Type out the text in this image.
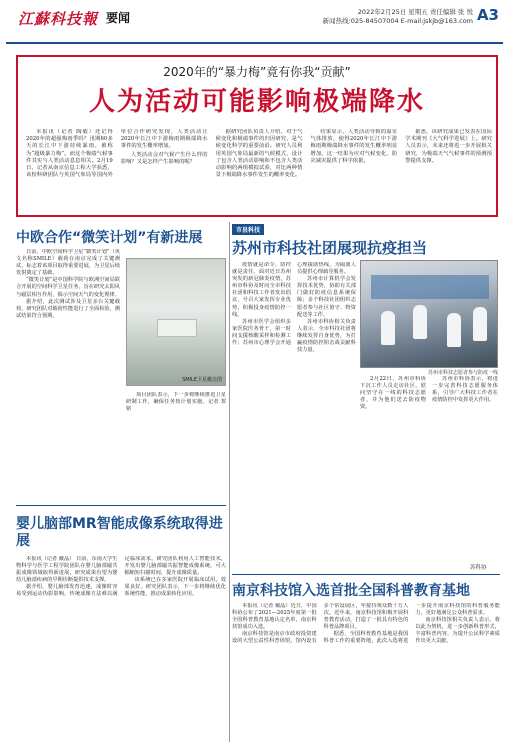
江蘇科技報 要闻	2022年2月25日 星期五 责任编辑 张 悦
新闻热线:025-84507004 E-mail:jskjb@163.com A3
2020年的“暴力梅”竟有你我“贡献”
人为活动可能影响极端降水

本报讯（记者 陶敏）还记得2020年的超强梅雨季吗？汛期60多天的长江中下游持续暴雨，被称为“超级暴力梅”。而这个极端气候事件其实与人类活动息息相关。2月19日，记者从南京信息工程大学获悉，该校科研团队与英国气象局等国内外单位合作研究发现，人类活动让2020年长江中下游梅雨期极端降水事件的发生概率增加。

人类活动会对气候产生什么样的影响？又是怎样产生影响的呢？

据研究团队负责人介绍，对于气候变化和极端事件的归因研究，是气候变化科学的重要前沿。研究人员利用英国气象局最新的气候模式，设计了包含人类活动影响和不包含人类活动影响的两组模拟试验，对比两种情景下极端降水事件发生的概率变化。

结果显示，人类活动导致的温室气体排放，使得2020年长江中下游梅雨期极端降水事件的发生概率明显增加，这一结果为应对气候变化、防灾减灾提供了科学依据。

据悉，该研究成果已发表在国际学术期刊《大气科学进展》上。研究人员表示，未来还将进一步开展相关研究，为极端天气气候事件的预测预警提供支撑。

中欧合作“微笑计划”有新进展

日前，中欧空间科学卫星“微笑计划”（英文名称SMILE）载荷在南京完成了关键测试，标志着该项目取得重要进展，为卫星后续发射奠定了基础。

“微笑计划”是中国科学院与欧洲空间局联合开展的空间科学卫星任务，旨在研究太阳风与磁层相互作用，揭示空间天气的变化规律。

据介绍，此次测试涉及卫星多台关键载荷，研究团队对载荷性能进行了全面检验，测试结果符合预期。

项目团队表示，下一步将继续推进卫星研制工作，确保任务按计划实施。记者 郑铭

SMILE卫星概念图
市县科技
苏州市科技社团展现抗疫担当

疫情就是命令，防控就是责任。面对近日苏州突发的新冠肺炎疫情，苏州市科协及时向全市科技社团和科技工作者发出倡议，号召大家发挥专业优势，积极投身疫情防控一线。

苏州市医学会组织多家医院医务骨干，第一时间支援核酸采样和检测工作；苏州市心理学会开通心理援助热线，为隔离人员提供心理疏导服务。

苏州市计算机学会发挥技术优势，协助有关部门做好防疫信息系统保障；多个科技社团组织志愿者参与社区值守、物资配送等工作。

苏州市科协相关负责人表示，全市科技社团将继续发挥自身优势，为打赢疫情防控阻击战贡献科技力量。

苏州市科技志愿者参与防疫一线

2月22日，苏州市科协下沉工作人员走访社区，慰问坚守在一线的科技志愿者，并为他们送去防疫物资。

苏州市科协表示，将进一步完善科技志愿服务体系，引导广大科技工作者在疫情防控中发挥更大作用。

苏科协
婴儿脑部MR智能成像系统取得进展

本报讯（记者 戴晶） 日前，东南大学生物科学与医学工程学院团队在婴儿脑部磁共振成像领域取得新进展，研究成果有望为婴幼儿脑部疾病的早期诊断提供技术支撑。

据介绍，婴儿脑部发育迅速，成像时容易受到运动伪影影响，传统成像方法难以满足临床需求。研究团队利用人工智能技术，开发出婴儿脑部磁共振智能成像系统，可大幅缩短扫描时间，提升成像质量。

该系统已在多家医院开展临床试用，效果良好。研究团队表示，下一步将继续优化系统性能，推动成果转化应用。	南京科技馆入选首批全国科普教育基地

本报讯（记者 戴晶）近日，中国科协公布了2021—2025年度第一批全国科普教育基地认定名单，南京科技馆成功入选。

南京科技馆是南京市政府投资建设的大型公益性科普场馆，馆内设有多个常设展区，年接待观众数十万人次。近年来，南京科技馆积极开展科普教育活动，打造了一批具有特色的科普品牌项目。

据悉，全国科普教育基地是我国科普工作的重要阵地，此次入选将进一步提升南京科技馆的科普服务能力，更好地满足公众科普需求。

南京科技馆相关负责人表示，将以此为契机，进一步创新科普形式，丰富科普内容，为提升公民科学素质作出更大贡献。
